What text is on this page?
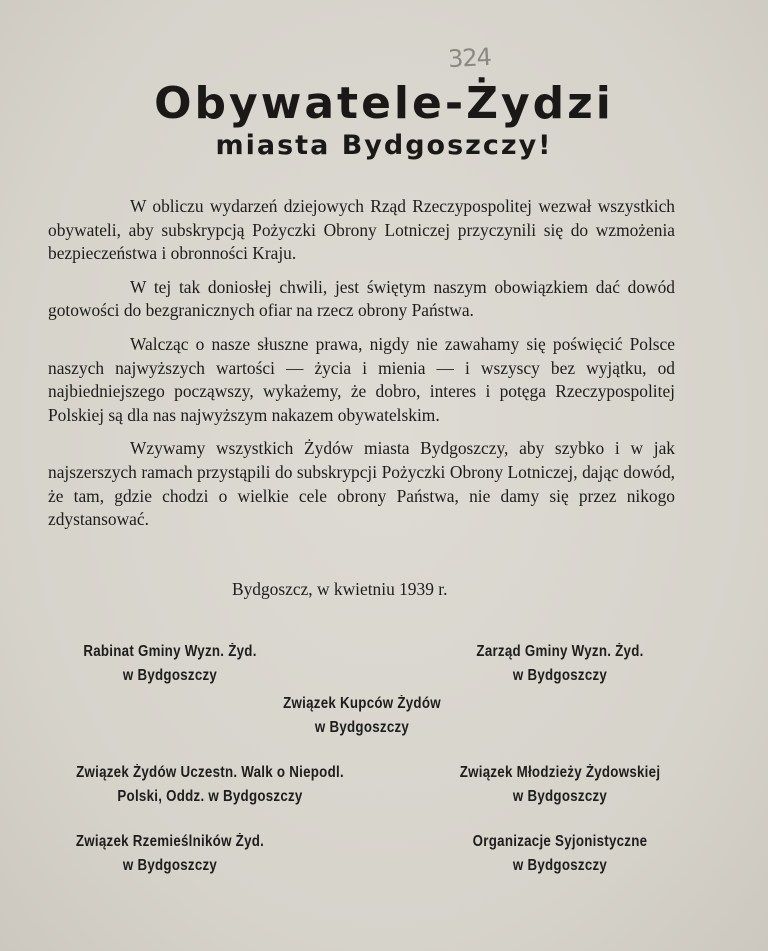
324
Obywatele-Żydzi
miasta Bydgoszczy!

W obliczu wydarzeń dziejowych Rząd Rzeczypospolitej wezwał wszystkich obywateli, aby subskrypcją Pożyczki Obrony Lotniczej przyczynili się do wzmożenia bezpieczeństwa i obronności Kraju.

W tej tak doniosłej chwili, jest świętym naszym obowiązkiem dać dowód gotowości do bezgranicznych ofiar na rzecz obrony Państwa.

Walcząc o nasze słuszne prawa, nigdy nie zawahamy się poświęcić Polsce naszych najwyższych wartości — życia i mienia — i wszyscy bez wyjątku, od najbiedniejszego począwszy, wykażemy, że dobro, interes i potęga Rzeczypospolitej Polskiej są dla nas najwyższym nakazem obywatelskim.

Wzywamy wszystkich Żydów miasta Bydgoszczy, aby szybko i w jak najszerszych ramach przystąpili do subskrypcji Pożyczki Obrony Lotniczej, dając dowód, że tam, gdzie chodzi o wielkie cele obrony Państwa, nie damy się przez nikogo zdystansować.

Bydgoszcz, w kwietniu 1939 r.
Rabinat Gminy Wyzn. Żyd.
w Bydgoszczy
Zarząd Gminy Wyzn. Żyd.
w Bydgoszczy
Związek Kupców Żydów
w Bydgoszczy
Związek Żydów Uczestn. Walk o Niepodl.
Polski, Oddz. w Bydgoszczy
Związek Młodzieży Żydowskiej
w Bydgoszczy
Związek Rzemieślników Żyd.
w Bydgoszczy
Organizacje Syjonistyczne
w Bydgoszczy
